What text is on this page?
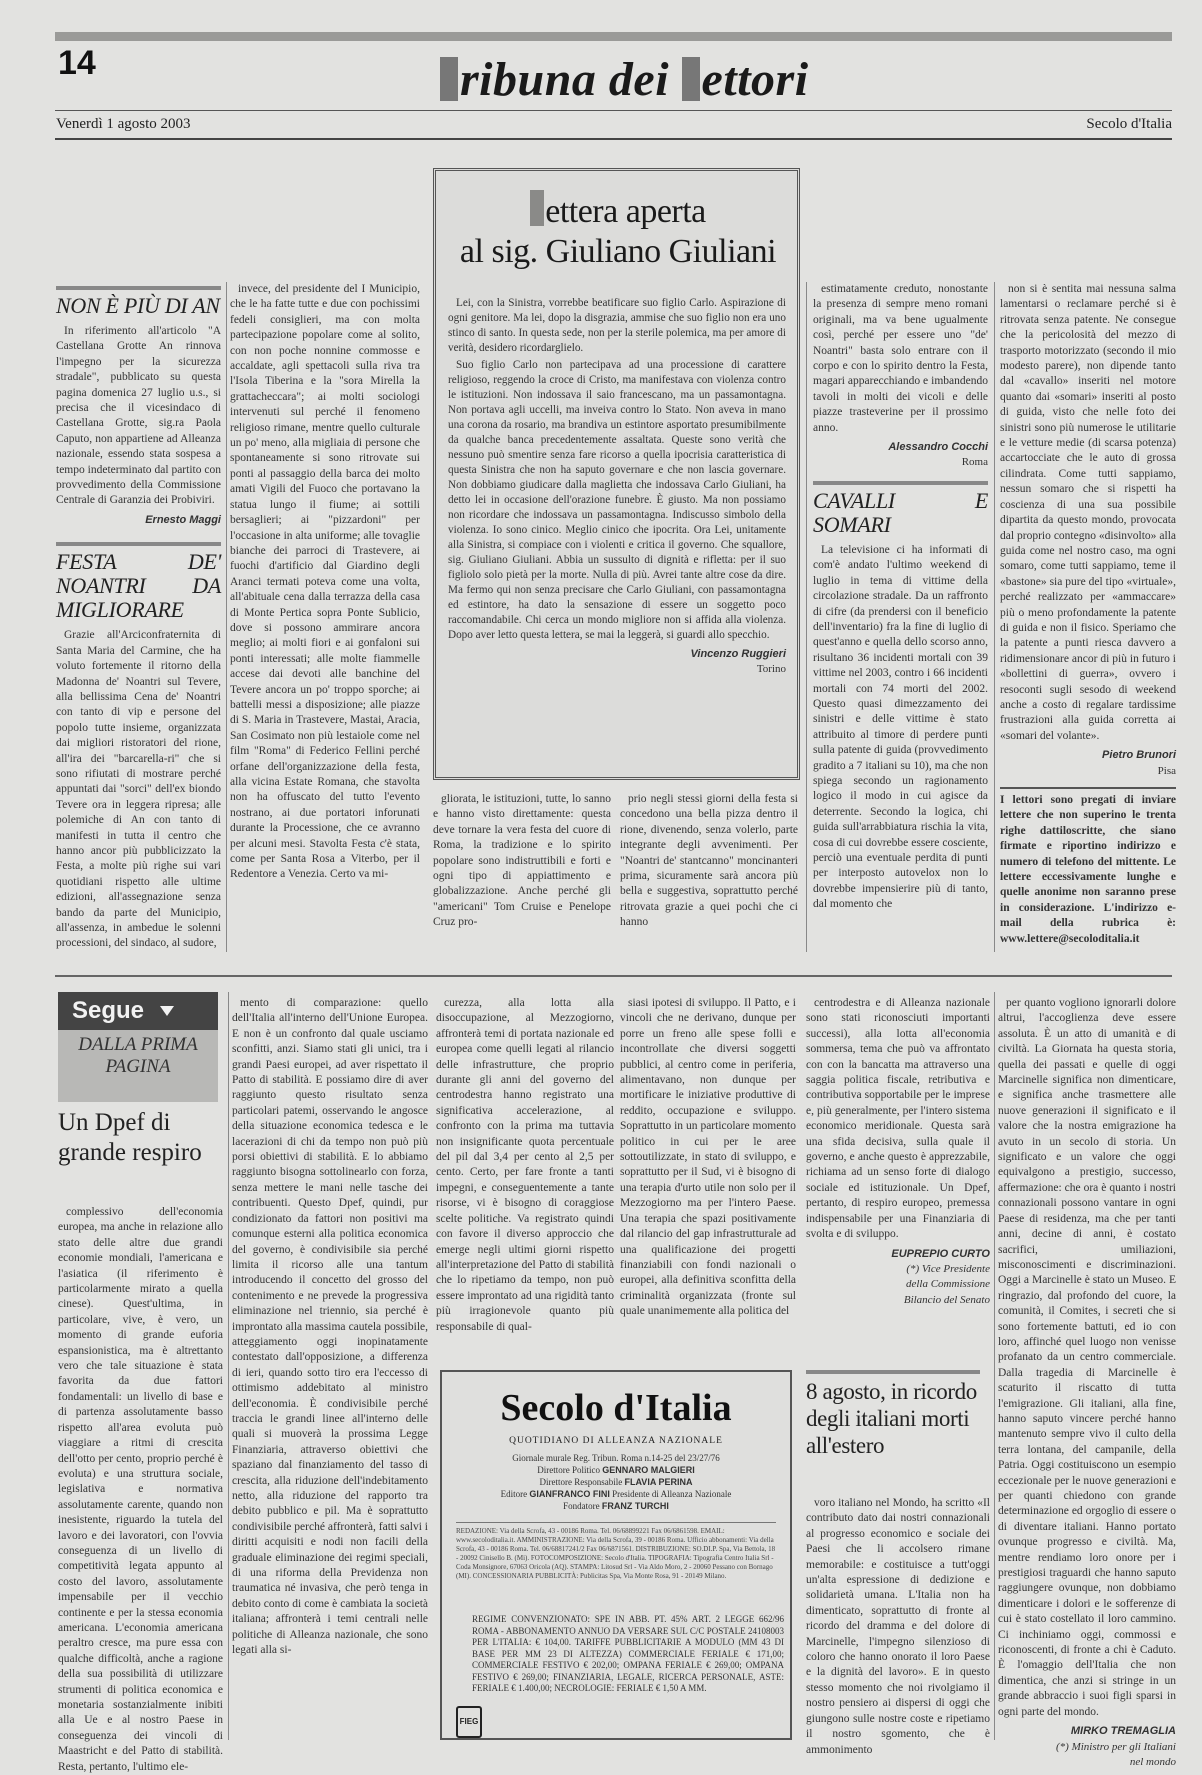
14	ribuna dei ettori
Venerdì 1 agosto 2003	Secolo d'Italia
NON È PIÙ DI AN

In riferimento all'articolo "A Castellana Grotte An rinnova l'impegno per la sicurezza stradale", pubblicato su questa pagina domenica 27 luglio u.s., si precisa che il vicesindaco di Castellana Grotte, sig.ra Paola Caputo, non appartiene ad Alleanza nazionale, essendo stata sospesa a tempo indeterminato dal partito con provvedimento della Commissione Centrale di Garanzia dei Probiviri.

Ernesto Maggi
FESTA DE' NOANTRI DA MIGLIORARE

Grazie all'Arciconfraternita di Santa Maria del Carmine, che ha voluto fortemente il ritorno della Madonna de' Noantri sul Tevere, alla bellissima Cena de' Noantri con tanto di vip e persone del popolo tutte insieme, organizzata dai migliori ristoratori del rione, all'ira dei "barcarella-ri" che si sono rifiutati di mostrare perché appuntati dai "sorci" dell'ex biondo Tevere ora in leggera ripresa; alle polemiche di An con tanto di manifesti in tutta il centro che hanno ancor più pubblicizzato la Festa, a molte più righe sui vari quotidiani rispetto alle ultime edizioni, all'assegnazione senza bando da parte del Municipio, all'assenza, in ambedue le solenni processioni, del sindaco, al sudore,

invece, del presidente del I Municipio, che le ha fatte tutte e due con pochissimi fedeli consiglieri, ma con molta partecipazione popolare come al solito, con non poche nonnine commosse e accaldate, agli spettacoli sulla riva tra l'Isola Tiberina e la "sora Mirella la grattacheccara"; ai molti sociologi intervenuti sul perché il fenomeno religioso rimane, mentre quello culturale un po' meno, alla migliaia di persone che spontaneamente si sono ritrovate sui ponti al passaggio della barca dei molto amati Vigili del Fuoco che portavano la statua lungo il fiume; ai sottili bersaglieri; ai "pizzardoni" per l'occasione in alta uniforme; alle tovaglie bianche dei parroci di Trastevere, ai fuochi d'artificio dal Giardino degli Aranci termati poteva come una volta, all'abituale cena dalla terrazza della casa di Monte Pertica sopra Ponte Sublicio, dove si possono ammirare ancora meglio; ai molti fiori e ai gonfaloni sui ponti interessati; alle molte fiammelle accese dai devoti alle banchine del Tevere ancora un po' troppo sporche; ai battelli messi a disposizione; alle piazze di S. Maria in Trastevere, Mastai, Aracia, San Cosimato non più lestaiole come nel film "Roma" di Federico Fellini perché orfane dell'organizzazione della festa, alla vicina Estate Romana, che stavolta non ha offuscato del tutto l'evento nostrano, ai due portatori inforunati durante la Processione, che ce avranno per alcuni mesi. Stavolta Festa c'è stata, come per Santa Rosa a Viterbo, per il Redentore a Venezia. Certo va mi-

ettera aperta
al sig. Giuliano Giuliani

Lei, con la Sinistra, vorrebbe beatificare suo figlio Carlo. Aspirazione di ogni genitore. Ma lei, dopo la disgrazia, ammise che suo figlio non era uno stinco di santo. In questa sede, non per la sterile polemica, ma per amore di verità, desidero ricordarglielo.

Suo figlio Carlo non partecipava ad una processione di carattere religioso, reggendo la croce di Cristo, ma manifestava con violenza contro le istituzioni. Non indossava il saio francescano, ma un passamontagna. Non portava agli uccelli, ma inveiva contro lo Stato. Non aveva in mano una corona da rosario, ma brandiva un estintore asportato presumibilmente da qualche banca precedentemente assaltata. Queste sono verità che nessuno può smentire senza fare ricorso a quella ipocrisia caratteristica di questa Sinistra che non ha saputo governare e che non lascia governare. Non dobbiamo giudicare dalla maglietta che indossava Carlo Giuliani, ha detto lei in occasione dell'orazione funebre. È giusto. Ma non possiamo non ricordare che indossava un passamontagna. Indiscusso simbolo della violenza. Io sono cinico. Meglio cinico che ipocrita. Ora Lei, unitamente alla Sinistra, si compiace con i violenti e critica il governo. Che squallore, sig. Giuliano Giuliani. Abbia un sussulto di dignità e rifletta: per il suo figliolo solo pietà per la morte. Nulla di più. Avrei tante altre cose da dire. Ma fermo qui non senza precisare che Carlo Giuliani, con passamontagna ed estintore, ha dato la sensazione di essere un soggetto poco raccomandabile. Chi cerca un mondo migliore non si affida alla violenza. Dopo aver letto questa lettera, se mai la leggerà, si guardi allo specchio.

Vincenzo Ruggieri
Torino

gliorata, le istituzioni, tutte, lo sanno e hanno visto direttamente: questa deve tornare la vera festa del cuore di Roma, la tradizione e lo spirito popolare sono indistruttibili e forti e ogni tipo di appiattimento e globalizzazione. Anche perché gli "americani" Tom Cruise e Penelope Cruz pro-

prio negli stessi giorni della festa si concedono una bella pizza dentro il rione, divenendo, senza volerlo, parte integrante degli avvenimenti. Per "Noantri de' stantcanno" moncinanteri prima, sicuramente sarà ancora più bella e suggestiva, soprattutto perché ritrovata grazie a quei pochi che ci hanno

estimatamente creduto, nonostante la presenza di sempre meno romani originali, ma va bene ugualmente così, perché per essere uno "de' Noantri" basta solo entrare con il corpo e con lo spirito dentro la Festa, magari apparecchiando e imbandendo tavoli in molti dei vicoli e delle piazze trasteverine per il prossimo anno.

Alessandro Cocchi
Roma
CAVALLI E SOMARI

La televisione ci ha informati di com'è andato l'ultimo weekend di luglio in tema di vittime della circolazione stradale. Da un raffronto di cifre (da prendersi con il beneficio dell'inventario) fra la fine di luglio di quest'anno e quella dello scorso anno, risultano 36 incidenti mortali con 39 vittime nel 2003, contro i 66 incidenti mortali con 74 morti del 2002. Questo quasi dimezzamento dei sinistri e delle vittime è stato attribuito al timore di perdere punti sulla patente di guida (provvedimento gradito a 7 italiani su 10), ma che non spiega secondo un ragionamento logico il modo in cui agisce da deterrente. Secondo la logica, chi guida sull'arrabbiatura rischia la vita, cosa di cui dovrebbe essere cosciente, perciò una eventuale perdita di punti per interposto autovelox non lo dovrebbe impensierire più di tanto, dal momento che

non si è sentita mai nessuna salma lamentarsi o reclamare perché si è ritrovata senza patente. Ne consegue che la pericolosità del mezzo di trasporto motorizzato (secondo il mio modesto parere), non dipende tanto dal «cavallo» inseriti nel motore quanto dai «somari» inseriti al posto di guida, visto che nelle foto dei sinistri sono più numerose le utilitarie e le vetture medie (di scarsa potenza) accartocciate che le auto di grossa cilindrata. Come tutti sappiamo, nessun somaro che si rispetti ha coscienza di una sua possibile dipartita da questo mondo, provocata dal proprio contegno «disinvolto» alla guida come nel nostro caso, ma ogni somaro, come tutti sappiamo, teme il «bastone» sia pure del tipo «virtuale», perché realizzato per «ammaccare» più o meno profondamente la patente di guida e non il fisico. Speriamo che la patente a punti riesca davvero a ridimensionare ancor di più in futuro i «bollettini di guerra», ovvero i resoconti sugli sesodo di weekend anche a costo di regalare tardissime frustrazioni alla guida corretta ai «somari del volante».

Pietro Brunori
Pisa
I lettori sono pregati di inviare lettere che non superino le trenta righe dattiloscritte, che siano firmate e riportino indirizzo e numero di telefono del mittente. Le lettere eccessivamente lunghe e quelle anonime non saranno prese in considerazione. L'indirizzo e-mail della rubrica è: www.lettere@secoloditalia.it
Segue
DALLA PRIMA PAGINA
Un Dpef di grande respiro

complessivo dell'economia europea, ma anche in relazione allo stato delle altre due grandi economie mondiali, l'americana e l'asiatica (il riferimento è particolarmente mirato a quella cinese). Quest'ultima, in particolare, vive, è vero, un momento di grande euforia espansionistica, ma è altrettanto vero che tale situazione è stata favorita da due fattori fondamentali: un livello di base e di partenza assolutamente basso rispetto all'area evoluta può viaggiare a ritmi di crescita dell'otto per cento, proprio perché è evoluta) e una struttura sociale, legislativa e normativa assolutamente carente, quando non inesistente, riguardo la tutela del lavoro e dei lavoratori, con l'ovvia conseguenza di un livello di competitività legata appunto al costo del lavoro, assolutamente impensabile per il vecchio continente e per la stessa economia americana. L'economia americana peraltro cresce, ma pure essa con qualche difficoltà, anche a ragione della sua possibilità di utilizzare strumenti di politica economica e monetaria sostanzialmente inibiti alla Ue e al nostro Paese in conseguenza dei vincoli di Maastricht e del Patto di stabilità. Resta, pertanto, l'ultimo ele-

mento di comparazione: quello dell'Italia all'interno dell'Unione Europea. E non è un confronto dal quale usciamo sconfitti, anzi. Siamo stati gli unici, tra i grandi Paesi europei, ad aver rispettato il Patto di stabilità. E possiamo dire di aver raggiunto questo risultato senza particolari patemi, osservando le angosce della situazione economica tedesca e le lacerazioni di chi da tempo non può più porsi obiettivi di stabilità. E lo abbiamo raggiunto bisogna sottolinearlo con forza, senza mettere le mani nelle tasche dei contribuenti. Questo Dpef, quindi, pur condizionato da fattori non positivi ma comunque esterni alla politica economica del governo, è condivisibile sia perché limita il ricorso alle una tantum introducendo il concetto del grosso del contenimento e ne prevede la progressiva eliminazione nel triennio, sia perché è improntato alla massima cautela possibile, atteggiamento oggi inopinatamente contestato dall'opposizione, a differenza di ieri, quando sotto tiro era l'eccesso di ottimismo addebitato al ministro dell'economia. È condivisibile perché traccia le grandi linee all'interno delle quali si muoverà la prossima Legge Finanziaria, attraverso obiettivi che spaziano dal finanziamento del tasso di crescita, alla riduzione dell'indebitamento netto, alla riduzione del rapporto tra debito pubblico e pil. Ma è soprattutto condivisibile perché affronterà, fatti salvi i diritti acquisiti e nodi non facili della graduale eliminazione dei regimi speciali, di una riforma della Previdenza non traumatica né invasiva, che però tenga in debito conto di come è cambiata la società italiana; affronterà i temi centrali nelle politiche di Alleanza nazionale, che sono legati alla si-

curezza, alla lotta alla disoccupazione, al Mezzogiorno, affronterà temi di portata nazionale ed europea come quelli legati al rilancio delle infrastrutture, che proprio durante gli anni del governo del centrodestra hanno registrato una significativa accelerazione, al confronto con la prima ma tuttavia non insignificante quota percentuale del pil dal 3,4 per cento al 2,5 per cento. Certo, per fare fronte a tanti impegni, e conseguentemente a tante risorse, vi è bisogno di coraggiose scelte politiche. Va registrato quindi con favore il diverso approccio che emerge negli ultimi giorni rispetto all'interpretazione del Patto di stabilità che lo ripetiamo da tempo, non può essere improntato ad una rigidità tanto più irragionevole quanto più responsabile di qual-

siasi ipotesi di sviluppo. Il Patto, e i vincoli che ne derivano, dunque per porre un freno alle spese folli e incontrollate che diversi soggetti pubblici, al centro come in periferia, alimentavano, non dunque per mortificare le iniziative produttive di reddito, occupazione e sviluppo. Soprattutto in un particolare momento politico in cui per le aree sottoutilizzate, in stato di sviluppo, e soprattutto per il Sud, vi è bisogno di una terapia d'urto utile non solo per il Mezzogiorno ma per l'intero Paese. Una terapia che spazi positivamente dal rilancio del gap infrastrutturale ad una qualificazione dei progetti finanziabili con fondi nazionali o europei, alla definitiva sconfitta della criminalità organizzata (fronte sul quale unanimemente alla politica del

centrodestra e di Alleanza nazionale sono stati riconosciuti importanti successi), alla lotta all'economia sommersa, tema che può va affrontato con con la bancatta ma attraverso una saggia politica fiscale, retributiva e contributiva sopportabile per le imprese e, più generalmente, per l'intero sistema economico meridionale. Questa sarà una sfida decisiva, sulla quale il governo, e anche questo è apprezzabile, richiama ad un senso forte di dialogo sociale ed istituzionale. Un Dpef, pertanto, di respiro europeo, premessa indispensabile per una Finanziaria di svolta e di sviluppo.

EUPREPIO CURTO
(*) Vice Presidente
della Commissione
Bilancio del Senato

per quanto vogliono ignorarli dolore altrui, l'accoglienza deve essere assoluta. È un atto di umanità e di civiltà. La Giornata ha questa storia, quella dei passati e quelle di oggi Marcinelle significa non dimenticare, e significa anche trasmettere alle nuove generazioni il significato e il valore che la nostra emigrazione ha avuto in un secolo di storia. Un significato e un valore che oggi equivalgono a prestigio, successo, affermazione: che ora è quanto i nostri connazionali possono vantare in ogni Paese di residenza, ma che per tanti anni, decine di anni, è costato sacrifici, umiliazioni, misconoscimenti e discriminazioni. Oggi a Marcinelle è stato un Museo. E ringrazio, dal profondo del cuore, la comunità, il Comites, i secreti che si sono fortemente battuti, ed io con loro, affinché quel luogo non venisse profanato da un centro commerciale. Dalla tragedia di Marcinelle è scaturito il riscatto di tutta l'emigrazione. Gli italiani, alla fine, hanno saputo vincere perché hanno mantenuto sempre vivo il culto della terra lontana, del campanile, della Patria. Oggi costituiscono un esempio eccezionale per le nuove generazioni e per quanti chiedono con grande determinazione ed orgoglio di essere o di diventare italiani. Hanno portato ovunque progresso e civiltà. Ma, mentre rendiamo loro onore per i prestigiosi traguardi che hanno saputo raggiungere ovunque, non dobbiamo dimenticare i dolori e le sofferenze di cui è stato costellato il loro cammino. Ci inchiniamo oggi, commossi e riconoscenti, di fronte a chi è Caduto. È l'omaggio dell'Italia che non dimentica, che anzi si stringe in un grande abbraccio i suoi figli sparsi in ogni parte del mondo.

MIRKO TREMAGLIA
(*) Ministro per gli Italiani
nel mondo
Secolo d'Italia
QUOTIDIANO DI ALLEANZA NAZIONALE
Giornale murale Reg. Tribun. Roma n.14-25 del 23/27/76
Direttore Politico GENNARO MALGIERI
Direttore Responsabile FLAVIA PERINA
Editore GIANFRANCO FINI Presidente di Alleanza Nazionale
Fondatore FRANZ TURCHI
REDAZIONE: Via della Scrofa, 43 - 00186 Roma. Tel. 06/68899221 Fax 06/6861598. EMAIL: www.secoloditalia.it. AMMINISTRAZIONE: Via della Scrofa, 39 - 00186 Roma. Ufficio abbonamenti: Via della Scrofa, 43 - 00186 Roma. Tel. 06/68817241/2 Fax 06/6871561. DISTRIBUZIONE: SO.DI.P. Spa, Via Bettola, 18 - 20092 Cinisello B. (Mi). FOTOCOMPOSIZIONE: Secolo d'Italia. TIPOGRAFIA: Tipografia Centro Italia Srl - Coda Monsignore, 67063 Oricola (AQ). STAMPA: Litosud Srl - Via Aldo Moro, 2 - 20060 Pessano con Bornago (MI). CONCESSIONARIA PUBBLICITÀ: Publicitas Spa, Via Monte Rosa, 91 - 20149 Milano.
REGIME CONVENZIONATO: SPE IN ABB. PT. 45% ART. 2 LEGGE 662/96 ROMA - ABBONAMENTO ANNUO DA VERSARE SUL C/C POSTALE 24108003 PER L'ITALIA: € 104,00. TARIFFE PUBBLICITARIE A MODULO (MM 43 DI BASE PER MM 23 DI ALTEZZA) COMMERCIALE FERIALE € 171,00; COMMERCIALE FESTIVO € 202,00; OMPANA FERIALE € 269,00; OMPANA FESTIVO € 269,00; FINANZIARIA, LEGALE, RICERCA PERSONALE, ASTE: FERIALE € 1.400,00; NECROLOGIE: FERIALE € 1,50 A MM.
FIEG
8 agosto, in ricordo degli italiani morti all'estero

voro italiano nel Mondo, ha scritto «Il contributo dato dai nostri connazionali al progresso economico e sociale dei Paesi che li accolsero rimane memorabile: e costituisce a tutt'oggi un'alta espressione di dedizione e solidarietà umana. L'Italia non ha dimenticato, soprattutto di fronte al ricordo del dramma e del dolore di Marcinelle, l'impegno silenzioso di coloro che hanno onorato il loro Paese e la dignità del lavoro». E in questo stesso momento che noi rivolgiamo il nostro pensiero ai dispersi di oggi che giungono sulle nostre coste e ripetiamo il nostro sgomento, che è ammonimento
